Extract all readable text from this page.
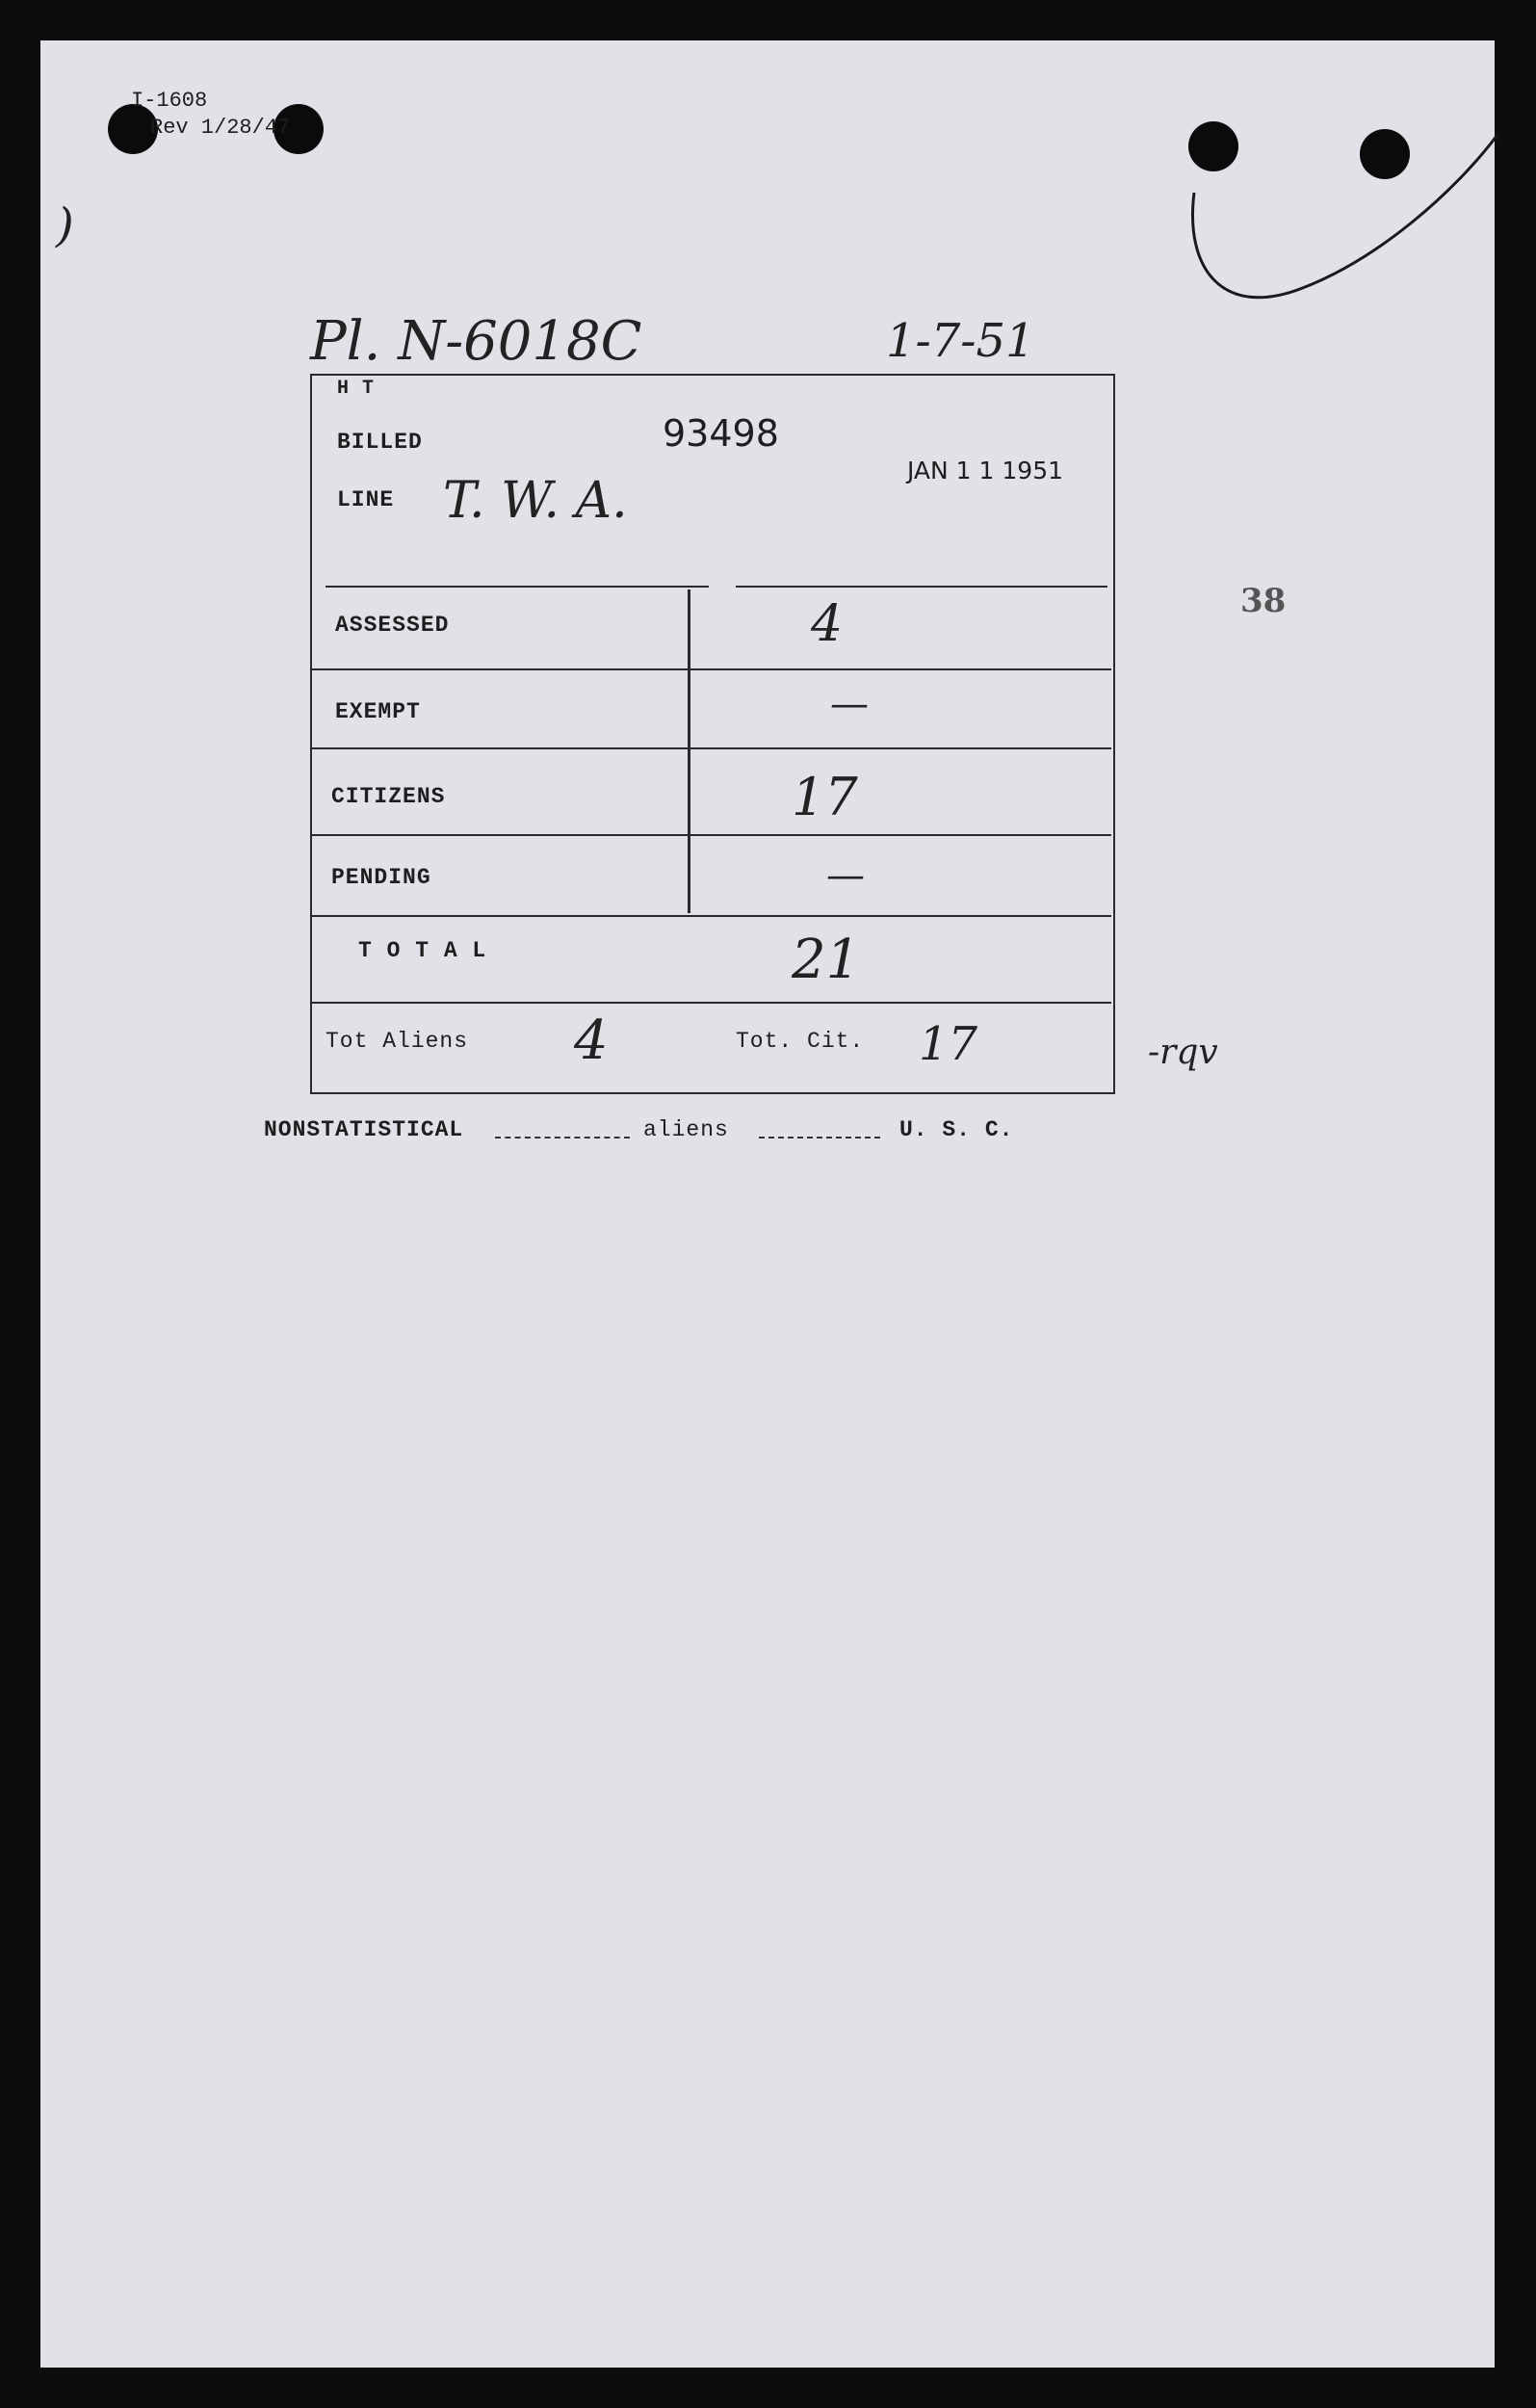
I-1608
Rev 1/28/47
)
Pl. N-6018C	1-7-51
H T
BILLED	93498
JAN 1 1 1951
LINE T. W. A.
ASSESSED	4
EXEMPT	—
CITIZENS	17
PENDING	—
T O T A L	21
Tot Aliens 4	Tot. Cit. 17
38
-rqv
NONSTATISTICAL	aliens	U. S. C.
